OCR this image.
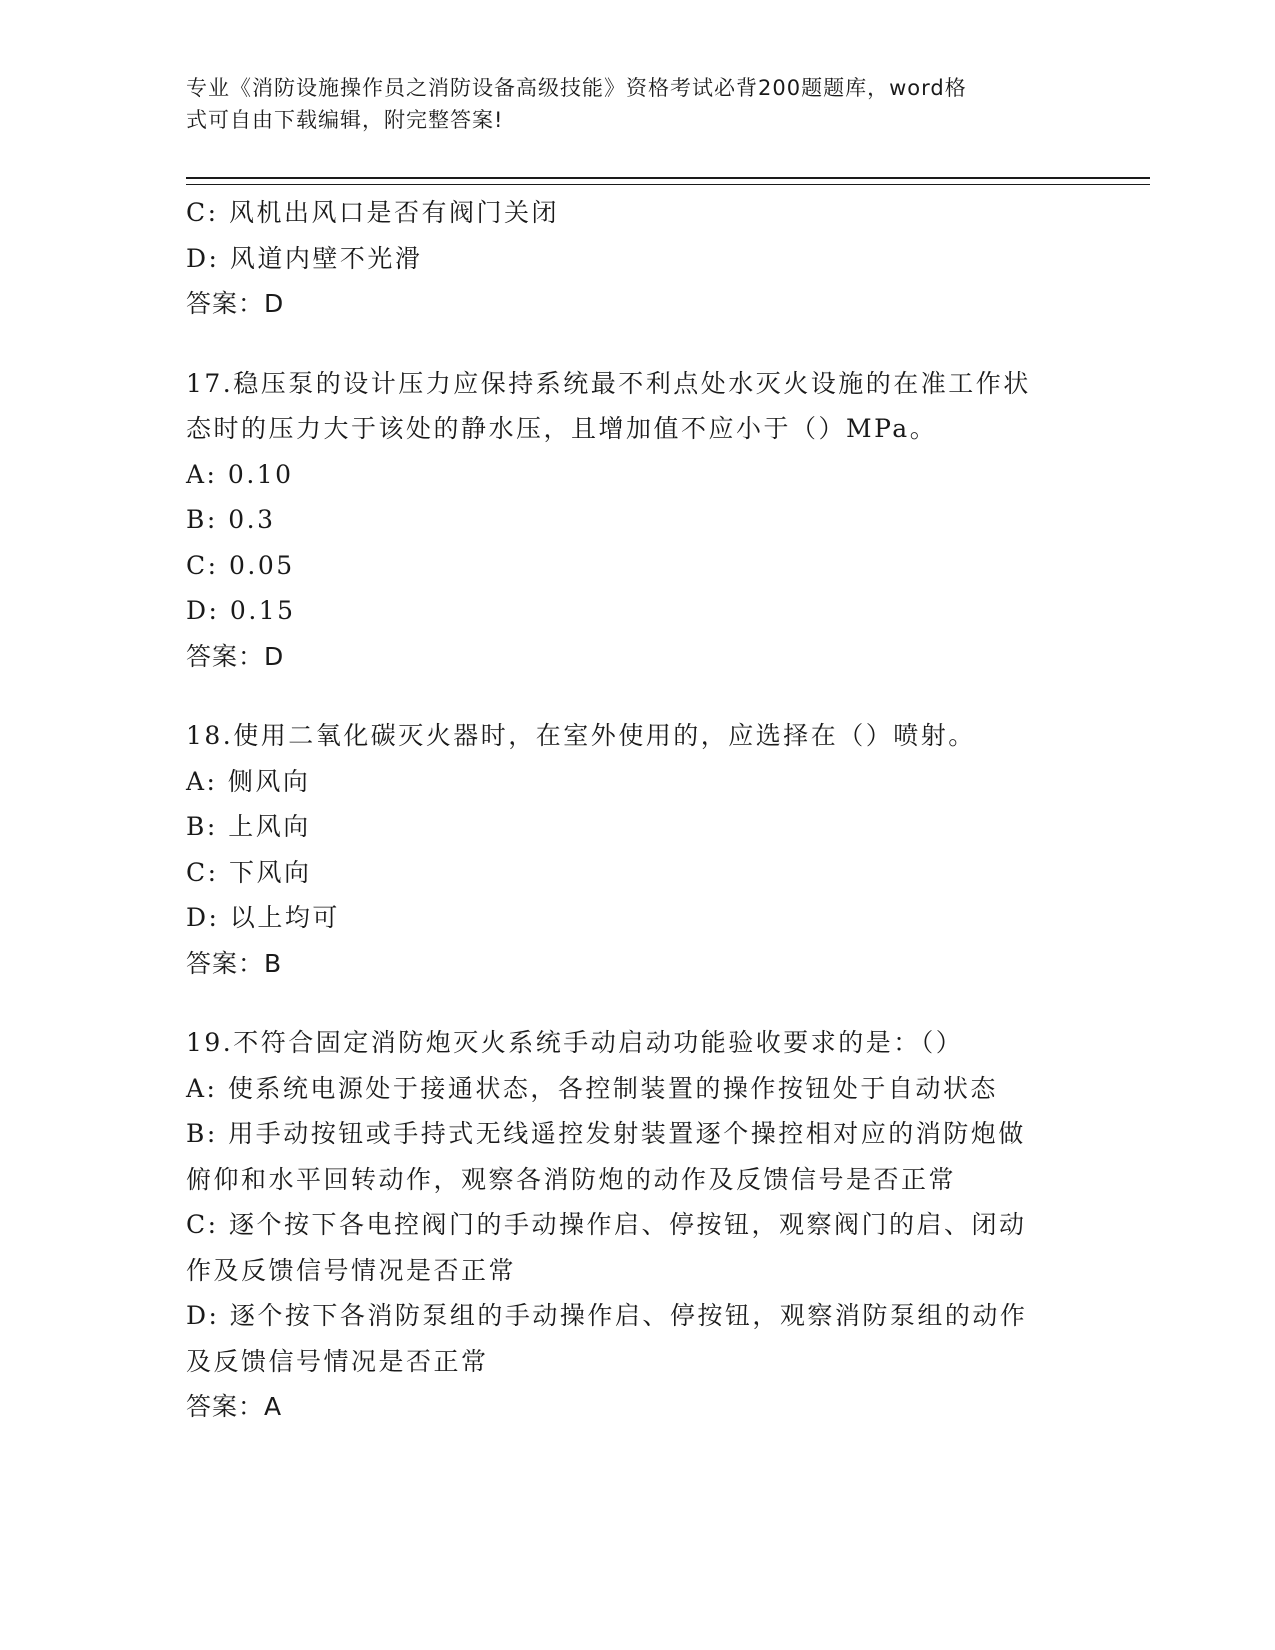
专业《消防设施操作员之消防设备高级技能》资格考试必背200题题库，word格
式可自由下载编辑，附完整答案!
C: 风机出风口是否有阀门关闭
D: 风道内壁不光滑
答案：D
17.稳压泵的设计压力应保持系统最不利点处水灭火设施的在准工作状
态时的压力大于该处的静水压，且增加值不应小于（）MPa。
A: 0.10
B: 0.3
C: 0.05
D: 0.15
答案：D
18.使用二氧化碳灭火器时，在室外使用的，应选择在（）喷射。
A: 侧风向
B: 上风向
C: 下风向
D: 以上均可
答案：B
19.不符合固定消防炮灭火系统手动启动功能验收要求的是：（）
A: 使系统电源处于接通状态，各控制装置的操作按钮处于自动状态
B: 用手动按钮或手持式无线遥控发射装置逐个操控相对应的消防炮做
俯仰和水平回转动作，观察各消防炮的动作及反馈信号是否正常
C: 逐个按下各电控阀门的手动操作启、停按钮，观察阀门的启、闭动
作及反馈信号情况是否正常
D: 逐个按下各消防泵组的手动操作启、停按钮，观察消防泵组的动作
及反馈信号情况是否正常
答案：A
